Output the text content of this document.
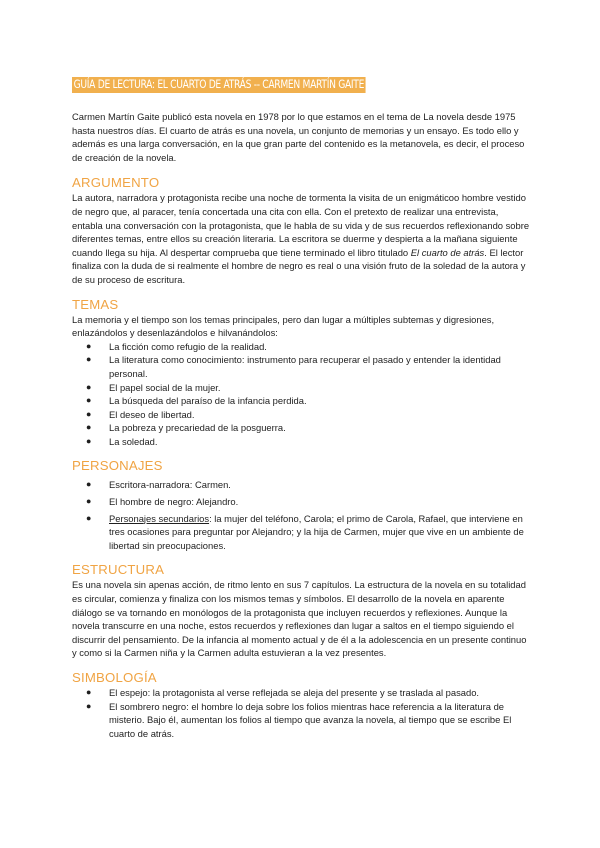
GUÍA DE LECTURA: EL CUARTO DE ATRÁS -- CARMEN MARTÍN GAITE

Carmen Martín Gaite publicó esta novela en 1978 por lo que estamos en el tema de La novela desde 1975 hasta nuestros días. El cuarto de atrás es una novela, un conjunto de memorias y un ensayo. Es todo ello y además es una larga conversación, en la que gran parte del contenido es la metanovela, es decir, el proceso de creación de la novela.

ARGUMENTO

La autora, narradora y protagonista recibe una noche de tormenta la visita de un enigmáticoo hombre vestido de negro que, al paracer, tenía concertada una cita con ella. Con el pretexto de realizar una entrevista, entabla una conversación con la protagonista, que le habla de su vida y de sus recuerdos reflexionando sobre diferentes temas, entre ellos su creación literaria. La escritora se duerme y despierta a la mañana siguiente cuando llega su hija. Al despertar comprueba que tiene terminado el libro titulado El cuarto de atrás. El lector finaliza con la duda de si realmente el hombre de negro es real o una visión fruto de la soledad de la autora y de su proceso de escritura.

TEMAS

La memoria y el tiempo son los temas principales, pero dan lugar a múltiples subtemas y digresiones, enlazándolos y desenlazándolos e hilvanándolos:

● La ficción como refugio de la realidad.
● La literatura como conocimiento: instrumento para recuperar el pasado y entender la identidad personal.
● El papel social de la mujer.
● La búsqueda del paraíso de la infancia perdida.
● El deseo de libertad.
● La pobreza y precariedad de la posguerra.
● La soledad.
PERSONAJES
● Escritora-narradora: Carmen.
● El hombre de negro: Alejandro.
● Personajes secundarios: la mujer del teléfono, Carola; el primo de Carola, Rafael, que interviene en tres ocasiones para preguntar por Alejandro; y la hija de Carmen, mujer que vive en un ambiente de libertad sin preocupaciones.
ESTRUCTURA

Es una novela sin apenas acción, de ritmo lento en sus 7 capítulos. La estructura de la novela en su totalidad es circular, comienza y finaliza con los mismos temas y símbolos. El desarrollo de la novela en aparente diálogo se va tornando en monólogos de la protagonista que incluyen recuerdos y reflexiones. Aunque la novela transcurre en una noche, estos recuerdos y reflexiones dan lugar a saltos en el tiempo siguiendo el discurrir del pensamiento. De la infancia al momento actual y de él a la adolescencia en un presente continuo y como si la Carmen niña y la Carmen adulta estuvieran a la vez presentes.

SIMBOLOGÍA
● El espejo: la protagonista al verse reflejada se aleja del presente y se traslada al pasado.
● El sombrero negro: el hombre lo deja sobre los folios mientras hace referencia a la literatura de misterio. Bajo él, aumentan los folios al tiempo que avanza la novela, al tiempo que se escribe El cuarto de atrás.
